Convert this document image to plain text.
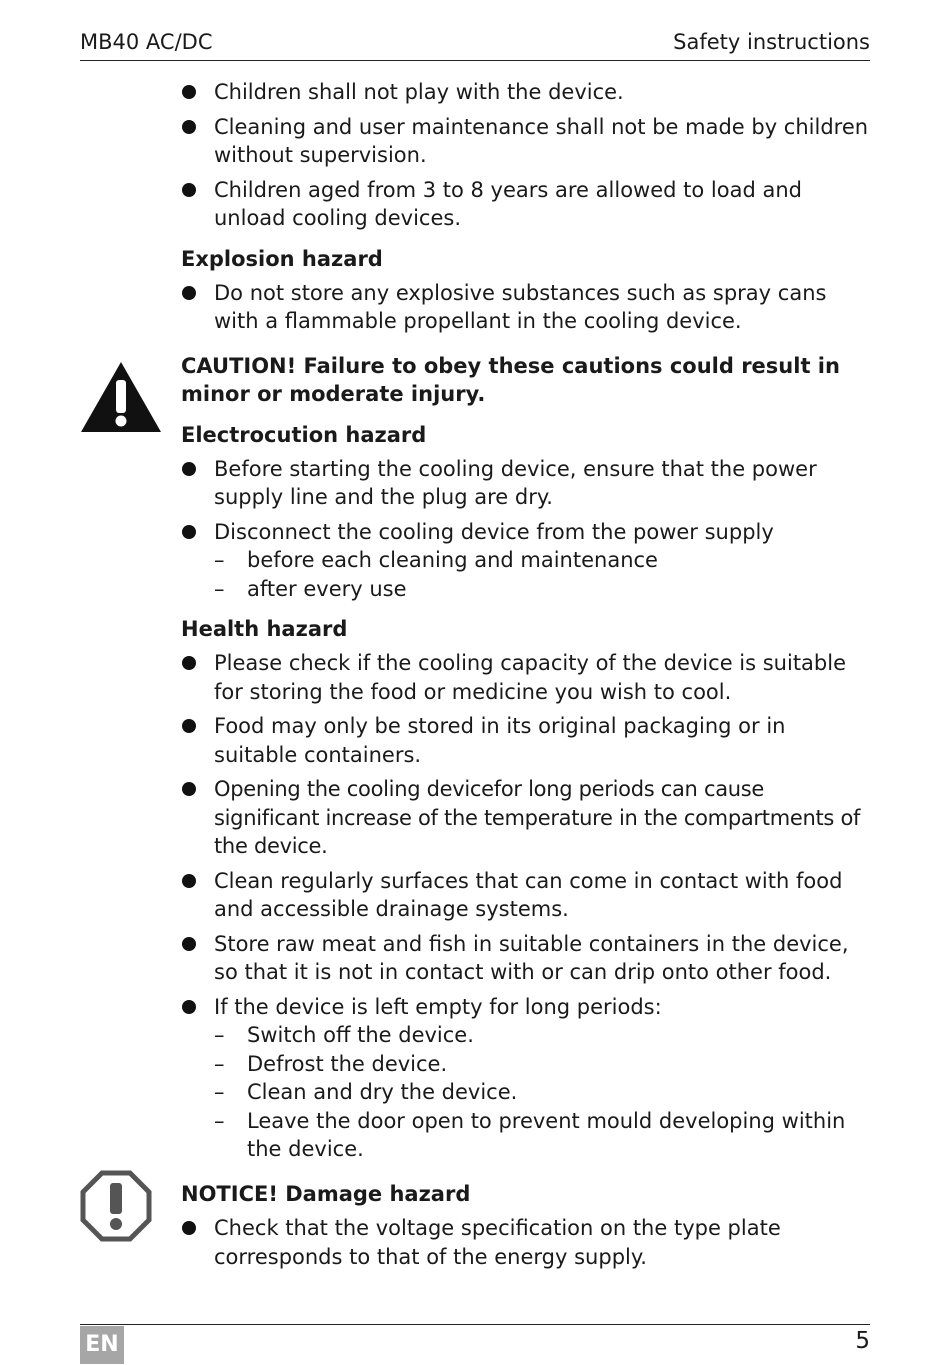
MB40 AC/DC	Safety instructions
Children shall not play with the device.
Cleaning and user maintenance shall not be made by children without supervision.
Children aged from 3 to 8 years are allowed to load and unload cooling devices.
Explosion hazard
Do not store any explosive substances such as spray cans with a flammable propellant in the cooling device.
CAUTION! Failure to obey these cautions could result in minor or moderate injury.
Electrocution hazard
Before starting the cooling device, ensure that the power supply line and the plug are dry.
Disconnect the cooling device from the power supply
– before each cleaning and maintenance
– after every use
Health hazard
Please check if the cooling capacity of the device is suitable for storing the food or medicine you wish to cool.
Food may only be stored in its original packaging or in suitable containers.
Opening the cooling devicefor long periods can cause significant increase of the temperature in the compartments of the device.
Clean regularly surfaces that can come in contact with food and accessible drainage systems.
Store raw meat and fish in suitable containers in the device, so that it is not in contact with or can drip onto other food.
If the device is left empty for long periods:
– Switch off the device.
– Defrost the device.
– Clean and dry the device.
– Leave the door open to prevent mould developing within the device.
NOTICE! Damage hazard
Check that the voltage specification on the type plate corresponds to that of the energy supply.
EN	5
